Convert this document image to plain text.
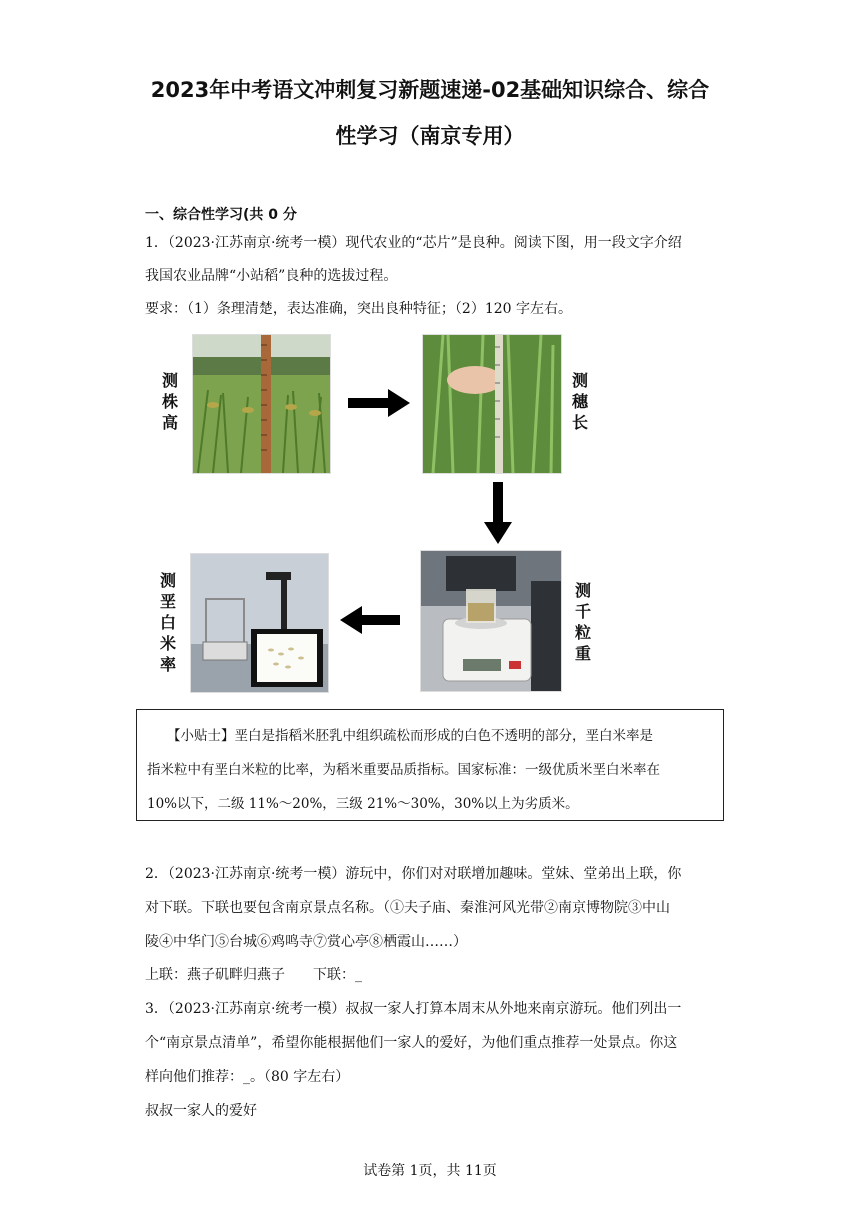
2023年中考语文冲刺复习新题速递-02基础知识综合、综合
性学习（南京专用）
一、综合性学习(共 0 分
1．（2023·江苏南京·统考一模）现代农业的“芯片”是良种。阅读下图，用一段文字介绍
我国农业品牌“小站稻”良种的选拔过程。
要求：（1）条理清楚，表达准确，突出良种特征；（2）120 字左右。
测株高
测穗长
测千粒重
测垩白米率
【小贴士】垩白是指稻米胚乳中组织疏松而形成的白色不透明的部分，垩白米率是
指米粒中有垩白米粒的比率，为稻米重要品质指标。国家标准：一级优质米垩白米率在
10%以下，二级 11%～20%，三级 21%～30%，30%以上为劣质米。
2．（2023·江苏南京·统考一模）游玩中，你们对对联增加趣味。堂妹、堂弟出上联，你
对下联。下联也要包含南京景点名称。（①夫子庙、秦淮河风光带②南京博物院③中山
陵④中华门⑤台城⑥鸡鸣寺⑦赏心亭⑧栖霞山……）
上联：燕子矶畔归燕子　　下联：_
3．（2023·江苏南京·统考一模）叔叔一家人打算本周末从外地来南京游玩。他们列出一
个“南京景点清单”，希望你能根据他们一家人的爱好，为他们重点推荐一处景点。你这
样向他们推荐：_。（80 字左右）
叔叔一家人的爱好
试卷第 1页，共 11页
